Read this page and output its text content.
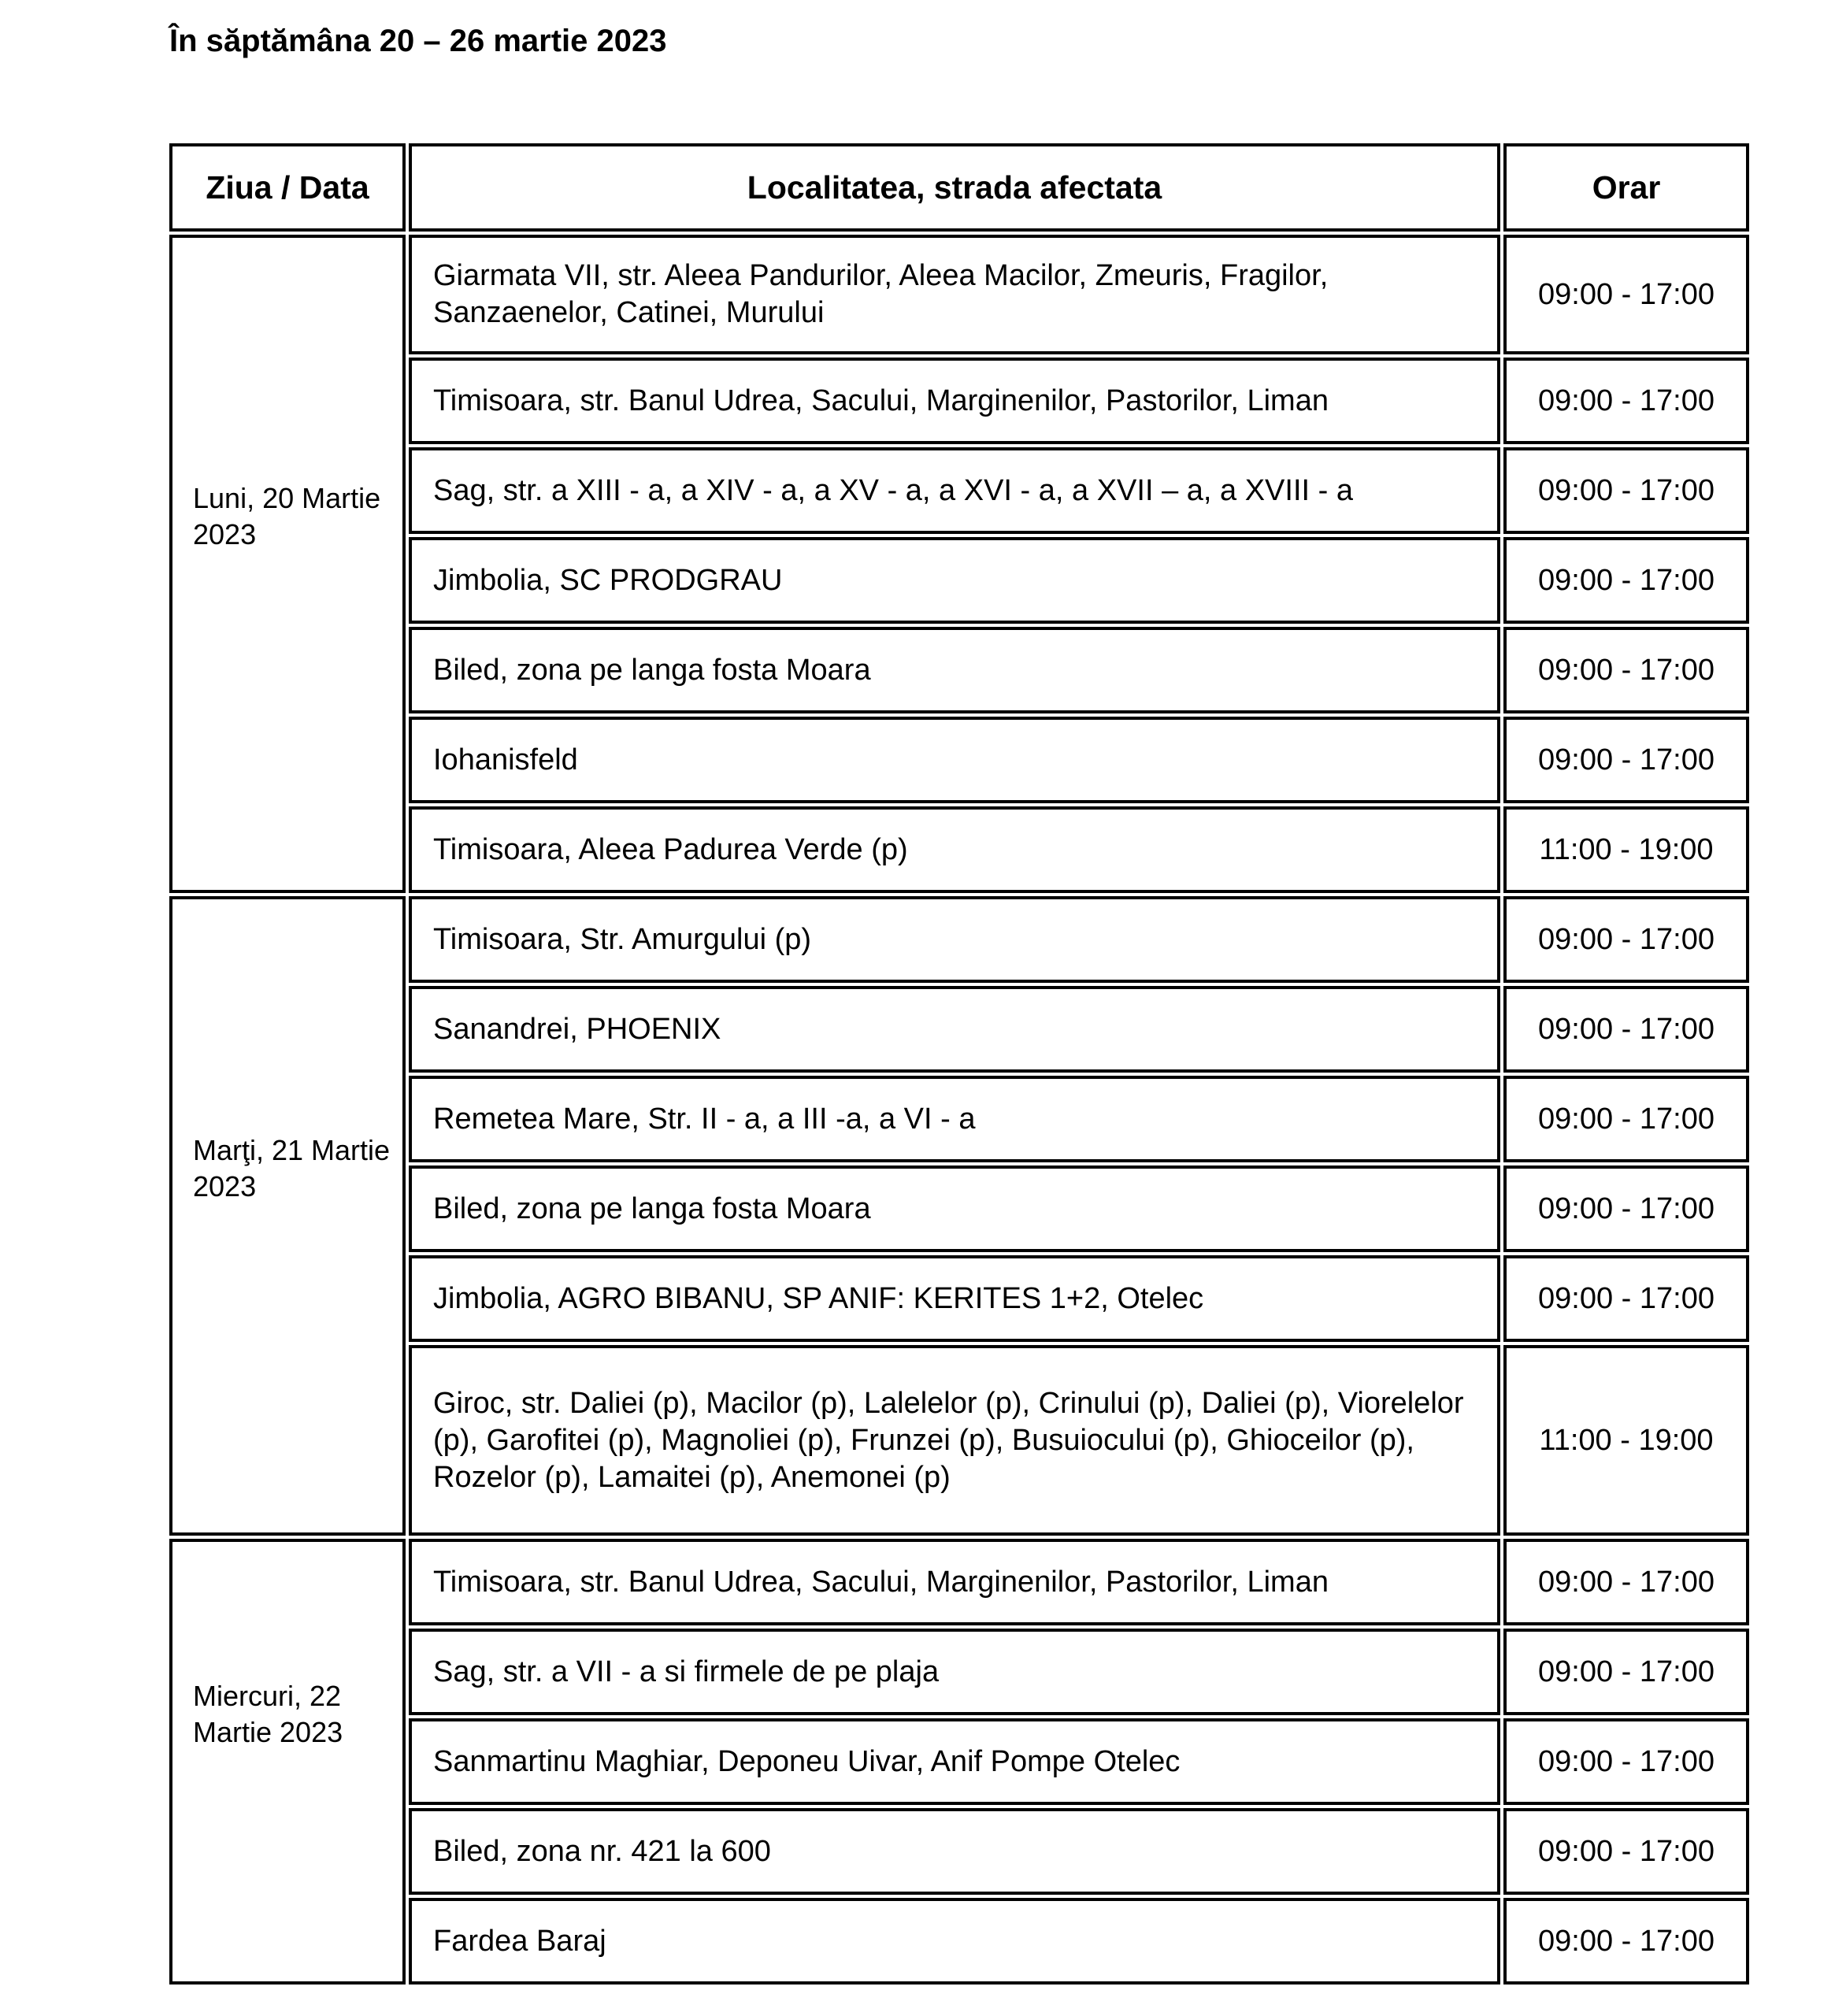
În săptămâna 20 – 26 martie 2023
Ziua / Data	Localitatea, strada afectata	Orar
Luni, 20 Martie 2023	Giarmata VII, str. Aleea Pandurilor, Aleea Macilor, Zmeuris, Fragilor, Sanzaenelor, Catinei, Murului	09:00 - 17:00
	Timisoara, str. Banul Udrea, Sacului, Marginenilor, Pastorilor, Liman	09:00 - 17:00
	Sag, str. a XIII - a, a XIV - a, a XV - a, a XVI - a, a XVII – a, a XVIII - a	09:00 - 17:00
	Jimbolia, SC PRODGRAU	09:00 - 17:00
	Biled, zona pe langa fosta Moara	09:00 - 17:00
	Iohanisfeld	09:00 - 17:00
	Timisoara, Aleea Padurea Verde (p)	11:00 - 19:00
Marţi, 21 Martie 2023	Timisoara, Str. Amurgului (p)	09:00 - 17:00
	Sanandrei, PHOENIX	09:00 - 17:00
	Remetea Mare, Str. II - a, a III -a, a VI - a	09:00 - 17:00
	Biled, zona pe langa fosta Moara	09:00 - 17:00
	Jimbolia, AGRO BIBANU, SP ANIF: KERITES 1+2, Otelec	09:00 - 17:00
	Giroc, str. Daliei (p), Macilor (p), Lalelelor (p), Crinului (p), Daliei (p), Viorelelor (p), Garofitei (p), Magnoliei (p), Frunzei (p), Busuiocului (p), Ghioceilor (p), Rozelor (p), Lamaitei (p), Anemonei (p)	11:00 - 19:00
Miercuri, 22 Martie 2023	Timisoara, str. Banul Udrea, Sacului, Marginenilor, Pastorilor, Liman	09:00 - 17:00
	Sag, str. a VII - a si firmele de pe plaja	09:00 - 17:00
	Sanmartinu Maghiar, Deponeu Uivar, Anif Pompe Otelec	09:00 - 17:00
	Biled, zona nr. 421 la 600	09:00 - 17:00
	Fardea Baraj	09:00 - 17:00
